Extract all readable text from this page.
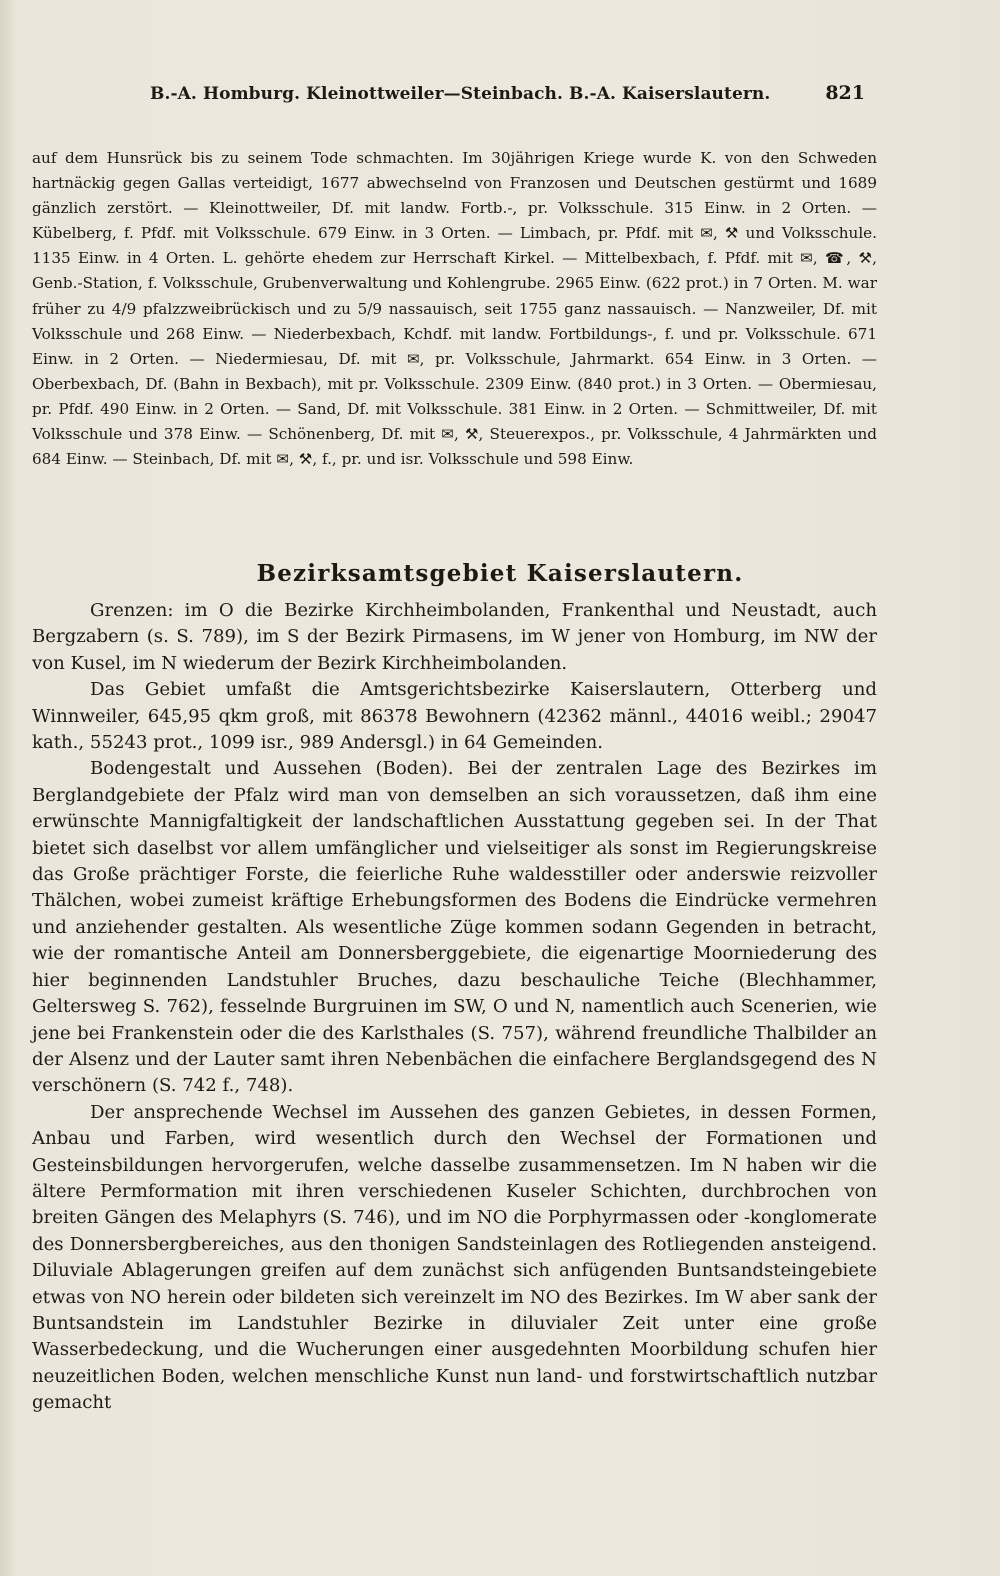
B.-A. Homburg. Kleinottweiler—Steinbach. B.-A. Kaiserslautern.	821

auf dem Hunsrück bis zu seinem Tode schmachten. Im 30jährigen Kriege wurde K. von den Schweden hartnäckig gegen Gallas verteidigt, 1677 abwechselnd von Franzosen und Deutschen gestürmt und 1689 gänzlich zerstört. — Kleinottweiler, Df. mit landw. Fortb.-, pr. Volksschule. 315 Einw. in 2 Orten. — Kübelberg, f. Pfdf. mit Volksschule. 679 Einw. in 3 Orten. — Limbach, pr. Pfdf. mit ✉, ⚒ und Volksschule. 1135 Einw. in 4 Orten. L. gehörte ehedem zur Herrschaft Kirkel. — Mittelbexbach, f. Pfdf. mit ✉, ☎, ⚒, Genb.-Station, f. Volksschule, Grubenverwaltung und Kohlengrube. 2965 Einw. (622 prot.) in 7 Orten. M. war früher zu 4/9 pfalzzweibrückisch und zu 5/9 nassauisch, seit 1755 ganz nassauisch. — Nanzweiler, Df. mit Volksschule und 268 Einw. — Niederbexbach, Kchdf. mit landw. Fortbildungs-, f. und pr. Volksschule. 671 Einw. in 2 Orten. — Niedermiesau, Df. mit ✉, pr. Volksschule, Jahrmarkt. 654 Einw. in 3 Orten. — Oberbexbach, Df. (Bahn in Bexbach), mit pr. Volksschule. 2309 Einw. (840 prot.) in 3 Orten. — Obermiesau, pr. Pfdf. 490 Einw. in 2 Orten. — Sand, Df. mit Volksschule. 381 Einw. in 2 Orten. — Schmittweiler, Df. mit Volksschule und 378 Einw. — Schönenberg, Df. mit ✉, ⚒, Steuerexpos., pr. Volksschule, 4 Jahrmärkten und 684 Einw. — Steinbach, Df. mit ✉, ⚒, f., pr. und isr. Volksschule und 598 Einw.

Bezirksamtsgebiet Kaiserslautern.

Grenzen: im O die Bezirke Kirchheimbolanden, Frankenthal und Neustadt, auch Bergzabern (s. S. 789), im S der Bezirk Pirmasens, im W jener von Homburg, im NW der von Kusel, im N wiederum der Bezirk Kirchheimbolanden.

Das Gebiet umfaßt die Amtsgerichtsbezirke Kaiserslautern, Otterberg und Winnweiler, 645,95 qkm groß, mit 86378 Bewohnern (42362 männl., 44016 weibl.; 29047 kath., 55243 prot., 1099 isr., 989 Andersgl.) in 64 Gemeinden.

Bodengestalt und Aussehen (Boden). Bei der zentralen Lage des Bezirkes im Berglandgebiete der Pfalz wird man von demselben an sich voraussetzen, daß ihm eine erwünschte Mannigfaltigkeit der landschaftlichen Ausstattung gegeben sei. In der That bietet sich daselbst vor allem umfänglicher und vielseitiger als sonst im Regierungskreise das Große prächtiger Forste, die feierliche Ruhe waldesstiller oder anderswie reizvoller Thälchen, wobei zumeist kräftige Erhebungsformen des Bodens die Eindrücke vermehren und anziehender gestalten. Als wesentliche Züge kommen sodann Gegenden in betracht, wie der romantische Anteil am Donnersberggebiete, die eigenartige Moorniederung des hier beginnenden Landstuhler Bruches, dazu beschauliche Teiche (Blechhammer, Geltersweg S. 762), fesselnde Burgruinen im SW, O und N, namentlich auch Scenerien, wie jene bei Frankenstein oder die des Karlsthales (S. 757), während freundliche Thalbilder an der Alsenz und der Lauter samt ihren Nebenbächen die einfachere Berglandsgegend des N verschönern (S. 742 f., 748).

Der ansprechende Wechsel im Aussehen des ganzen Gebietes, in dessen Formen, Anbau und Farben, wird wesentlich durch den Wechsel der Formationen und Gesteinsbildungen hervorgerufen, welche dasselbe zusammensetzen. Im N haben wir die ältere Permformation mit ihren verschiedenen Kuseler Schichten, durchbrochen von breiten Gängen des Melaphyrs (S. 746), und im NO die Porphyrmassen oder -konglomerate des Donnersbergbereiches, aus den thonigen Sandsteinlagen des Rotliegenden ansteigend. Diluviale Ablagerungen greifen auf dem zunächst sich anfügenden Buntsandsteingebiete etwas von NO herein oder bildeten sich vereinzelt im NO des Bezirkes. Im W aber sank der Buntsandstein im Landstuhler Bezirke in diluvialer Zeit unter eine große Wasserbedeckung, und die Wucherungen einer ausgedehnten Moorbildung schufen hier neuzeitlichen Boden, welchen menschliche Kunst nun land- und forstwirtschaftlich nutzbar gemacht
